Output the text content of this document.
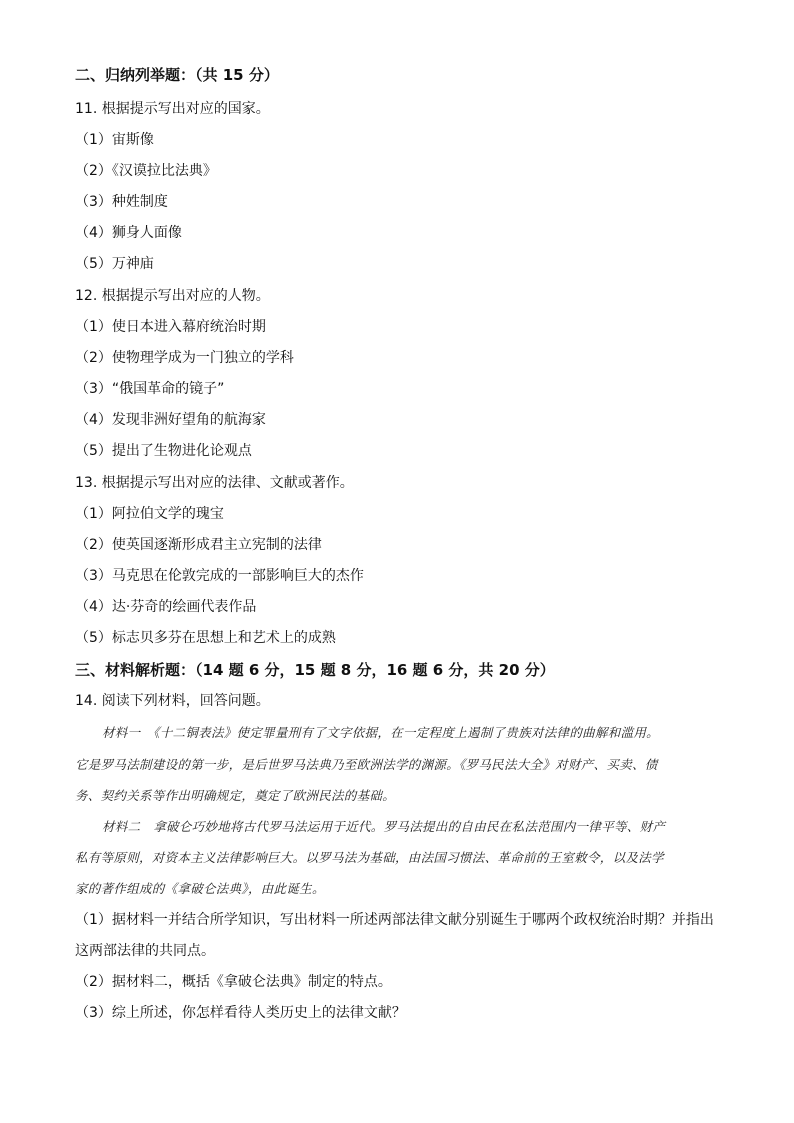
二、归纳列举题：（共 15 分）
11. 根据提示写出对应的国家。
（1）宙斯像
（2）《汉谟拉比法典》
（3）种姓制度
（4）狮身人面像
（5）万神庙
12. 根据提示写出对应的人物。
（1）使日本进入幕府统治时期
（2）使物理学成为一门独立的学科
（3）“俄国革命的镜子”
（4）发现非洲好望角的航海家
（5）提出了生物进化论观点
13. 根据提示写出对应的法律、文献或著作。
（1）阿拉伯文学的瑰宝
（2）使英国逐渐形成君主立宪制的法律
（3）马克思在伦敦完成的一部影响巨大的杰作
（4）达·芬奇的绘画代表作品
（5）标志贝多芬在思想上和艺术上的成熟
三、材料解析题：（14 题 6 分，15 题 8 分，16 题 6 分，共 20 分）
14. 阅读下列材料，回答问题。
材料一　《十二铜表法》使定罪量刑有了文字依据，在一定程度上遏制了贵族对法律的曲解和滥用。
它是罗马法制建设的第一步，是后世罗马法典乃至欧洲法学的渊源。《罗马民法大全》对财产、买卖、债
务、契约关系等作出明确规定，奠定了欧洲民法的基础。
材料二　拿破仑巧妙地将古代罗马法运用于近代。罗马法提出的自由民在私法范围内一律平等、财产
私有等原则，对资本主义法律影响巨大。以罗马法为基础，由法国习惯法、革命前的王室敕令，以及法学
家的著作组成的《拿破仑法典》，由此诞生。
（1）据材料一并结合所学知识，写出材料一所述两部法律文献分别诞生于哪两个政权统治时期？并指出
这两部法律的共同点。
（2）据材料二，概括《拿破仑法典》制定的特点。
（3）综上所述，你怎样看待人类历史上的法律文献？
